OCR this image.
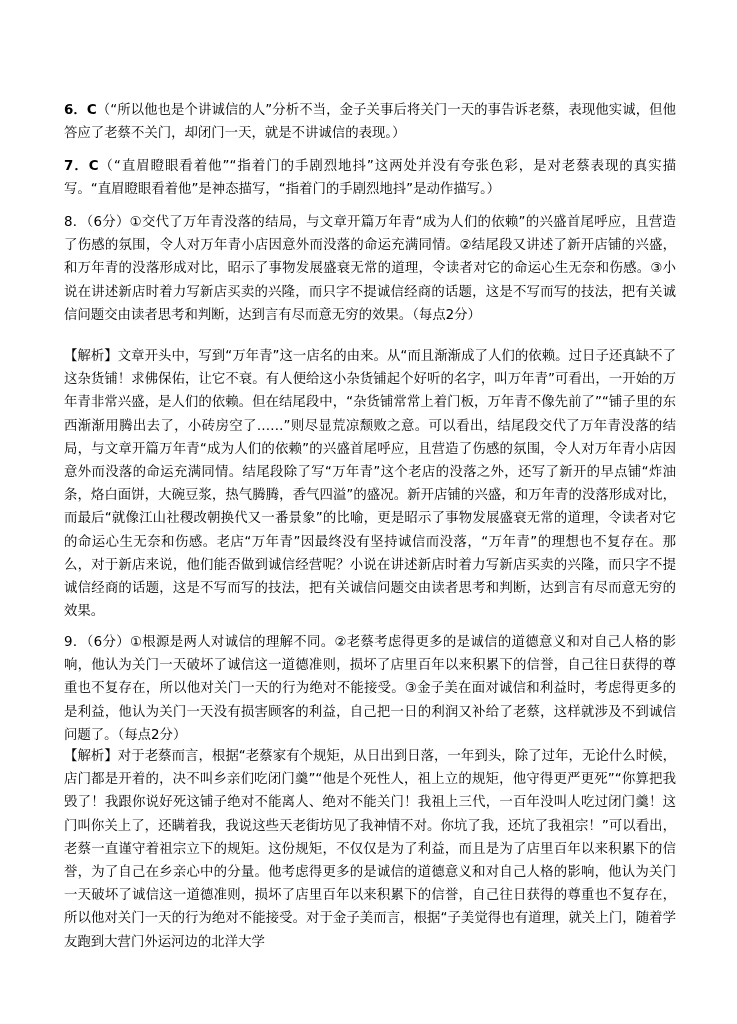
6．C（“所以他也是个讲诚信的人”分析不当，金子关事后将关门一天的事告诉老蔡，表现他实诚，但他答应了老蔡不关门，却闭门一天，就是不讲诚信的表现。）

7．C（“直眉瞪眼看着他”“指着门的手剧烈地抖”这两处并没有夸张色彩，是对老蔡表现的真实描写。“直眉瞪眼看着他”是神态描写，“指着门的手剧烈地抖”是动作描写。）

8．（6分）①交代了万年青没落的结局，与文章开篇万年青“成为人们的依赖”的兴盛首尾呼应，且营造了伤感的氛围，令人对万年青小店因意外而没落的命运充满同情。②结尾段又讲述了新开店铺的兴盛，和万年青的没落形成对比，昭示了事物发展盛衰无常的道理，令读者对它的命运心生无奈和伤感。③小说在讲述新店时着力写新店买卖的兴隆，而只字不提诚信经商的话题，这是不写而写的技法，把有关诚信问题交由读者思考和判断，达到言有尽而意无穷的效果。（每点2分）

【解析】文章开头中，写到“万年青”这一店名的由来。从“而且渐渐成了人们的依赖。过日子还真缺不了这杂货铺！求佛保佑，让它不衰。有人便给这小杂货铺起个好听的名字，叫万年青”可看出，一开始的万年青非常兴盛，是人们的依赖。但在结尾段中，“杂货铺常常上着门板，万年青不像先前了”“铺子里的东西渐渐用腾出去了，小砖房空了……”则尽显荒凉颓败之意。可以看出，结尾段交代了万年青没落的结局，与文章开篇万年青“成为人们的依赖”的兴盛首尾呼应，且营造了伤感的氛围，令人对万年青小店因意外而没落的命运充满同情。结尾段除了写“万年青”这个老店的没落之外，还写了新开的早点铺“炸油条，烙白面饼，大碗豆浆，热气腾腾，香气四溢”的盛况。新开店铺的兴盛，和万年青的没落形成对比，而最后“就像江山社稷改朝换代又一番景象”的比喻，更是昭示了事物发展盛衰无常的道理，令读者对它的命运心生无奈和伤感。老店“万年青”因最终没有坚持诚信而没落，“万年青”的理想也不复存在。那么，对于新店来说，他们能否做到诚信经营呢？小说在讲述新店时着力写新店买卖的兴隆，而只字不提诚信经商的话题，这是不写而写的技法，把有关诚信问题交由读者思考和判断，达到言有尽而意无穷的效果。

9．（6分）①根源是两人对诚信的理解不同。②老蔡考虑得更多的是诚信的道德意义和对自己人格的影响，他认为关门一天破坏了诚信这一道德准则，损坏了店里百年以来积累下的信誉，自己往日获得的尊重也不复存在，所以他对关门一天的行为绝对不能接受。③金子美在面对诚信和利益时，考虑得更多的是利益，他认为关门一天没有损害顾客的利益，自己把一日的利润又补给了老蔡，这样就涉及不到诚信问题了。（每点2分）

【解析】对于老蔡而言，根据“老蔡家有个规矩，从日出到日落，一年到头，除了过年，无论什么时候，店门都是开着的，决不叫乡亲们吃闭门羹”“他是个死性人，祖上立的规矩，他守得更严更死”“你算把我毁了！我跟你说好死这铺子绝对不能离人、绝对不能关门！我祖上三代，一百年没叫人吃过闭门羹！这门叫你关上了，还瞒着我，我说这些天老街坊见了我神情不对。你坑了我，还坑了我祖宗！”可以看出，老蔡一直谨守着祖宗立下的规矩。这份规矩，不仅仅是为了利益，而且是为了店里百年以来积累下的信誉，为了自己在乡亲心中的分量。他考虑得更多的是诚信的道德意义和对自己人格的影响，他认为关门一天破坏了诚信这一道德准则，损坏了店里百年以来积累下的信誉，自己往日获得的尊重也不复存在，所以他对关门一天的行为绝对不能接受。对于金子美而言，根据“子美觉得也有道理，就关上门，随着学友跑到大营门外运河边的北洋大学
